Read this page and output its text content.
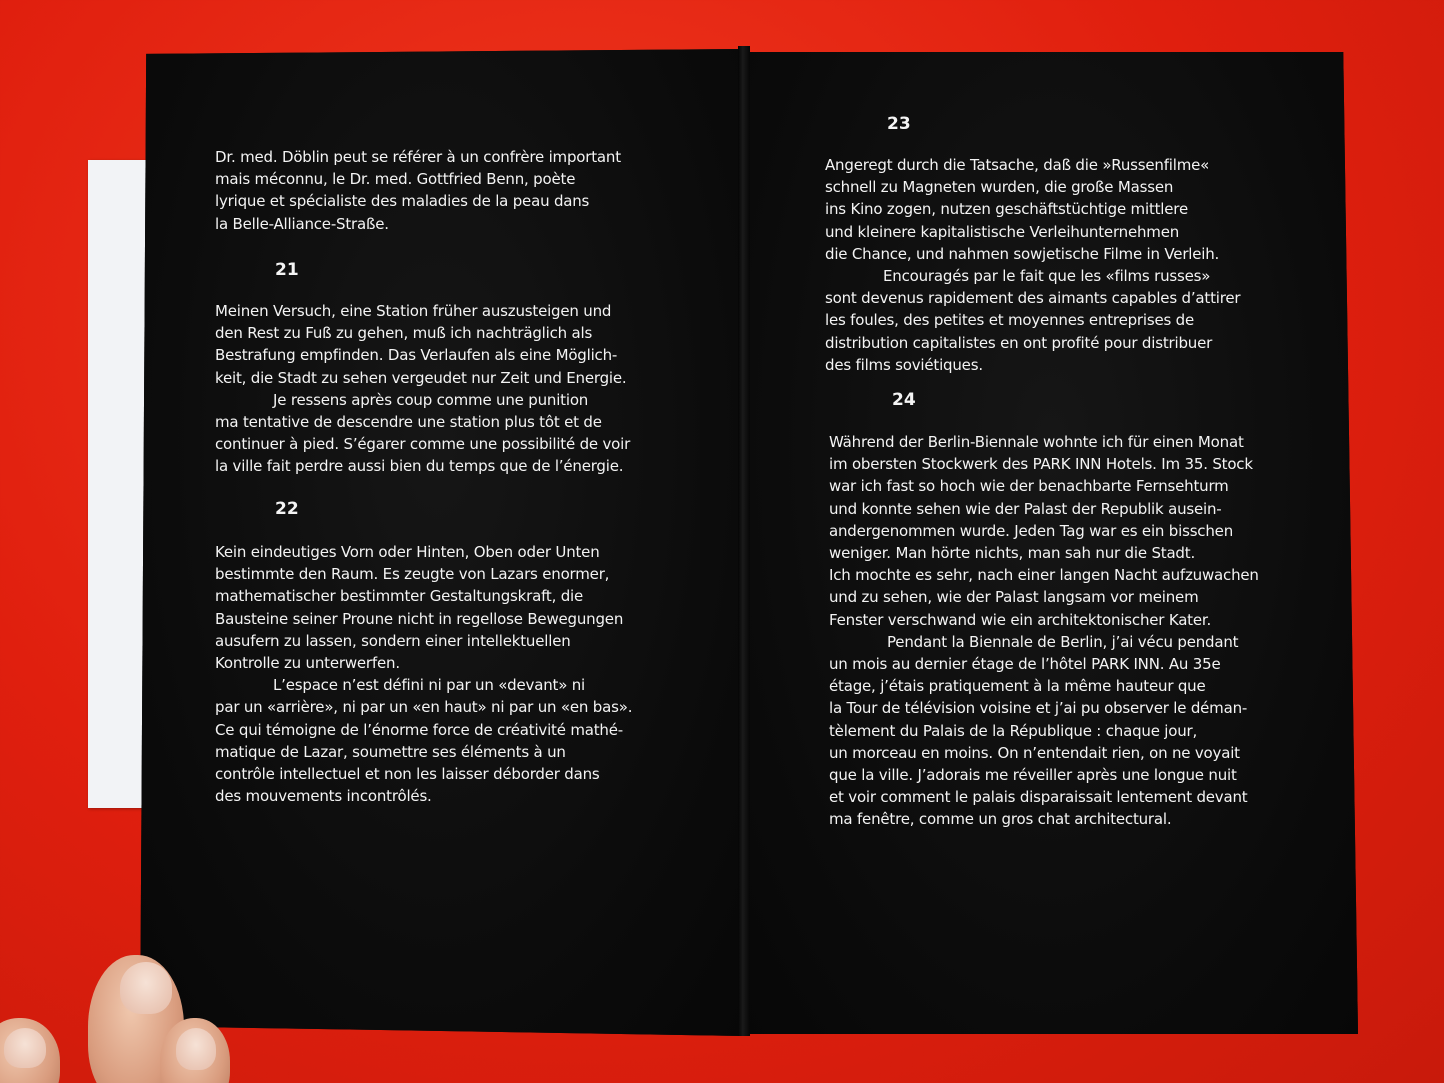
Dr. med. Döblin peut se référer à un confrère important
mais méconnu, le Dr. med. Gottfried Benn, poète
lyrique et spécialiste des maladies de la peau dans
la Belle-Alliance-Straße.
21
Meinen Versuch, eine Station früher auszusteigen und
den Rest zu Fuß zu gehen, muß ich nachträglich als
Bestrafung empfinden. Das Verlaufen als eine Möglich-
keit, die Stadt zu sehen vergeudet nur Zeit und Energie.
Je ressens après coup comme une punition
ma tentative de descendre une station plus tôt et de
continuer à pied. S’égarer comme une possibilité de voir
la ville fait perdre aussi bien du temps que de l’énergie.
22
Kein eindeutiges Vorn oder Hinten, Oben oder Unten
bestimmte den Raum. Es zeugte von Lazars enormer,
mathematischer bestimmter Gestaltungskraft, die
Bausteine seiner Proune nicht in regellose Bewegungen
ausufern zu lassen, sondern einer intellektuellen
Kontrolle zu unterwerfen.
L’espace n’est défini ni par un «devant» ni
par un «arrière», ni par un «en haut» ni par un «en bas».
Ce qui témoigne de l’énorme force de créativité mathé-
matique de Lazar, soumettre ses éléments à un
contrôle intellectuel et non les laisser déborder dans
des mouvements incontrôlés.
23
Angeregt durch die Tatsache, daß die »Russenfilme«
schnell zu Magneten wurden, die große Massen
ins Kino zogen, nutzen geschäftstüchtige mittlere
und kleinere kapitalistische Verleihunternehmen
die Chance, und nahmen sowjetische Filme in Verleih.
Encouragés par le fait que les «films russes»
sont devenus rapidement des aimants capables d’attirer
les foules, des petites et moyennes entreprises de
distribution capitalistes en ont profité pour distribuer
des films soviétiques.
24
Während der Berlin-Biennale wohnte ich für einen Monat
im obersten Stockwerk des PARK INN Hotels. Im 35. Stock
war ich fast so hoch wie der benachbarte Fernsehturm
und konnte sehen wie der Palast der Republik ausein-
andergenommen wurde. Jeden Tag war es ein bisschen
weniger. Man hörte nichts, man sah nur die Stadt.
Ich mochte es sehr, nach einer langen Nacht aufzuwachen
und zu sehen, wie der Palast langsam vor meinem
Fenster verschwand wie ein architektonischer Kater.
Pendant la Biennale de Berlin, j’ai vécu pendant
un mois au dernier étage de l’hôtel PARK INN. Au 35e
étage, j’étais pratiquement à la même hauteur que
la Tour de télévision voisine et j’ai pu observer le déman-
tèlement du Palais de la République : chaque jour,
un morceau en moins. On n’entendait rien, on ne voyait
que la ville. J’adorais me réveiller après une longue nuit
et voir comment le palais disparaissait lentement devant
ma fenêtre, comme un gros chat architectural.
